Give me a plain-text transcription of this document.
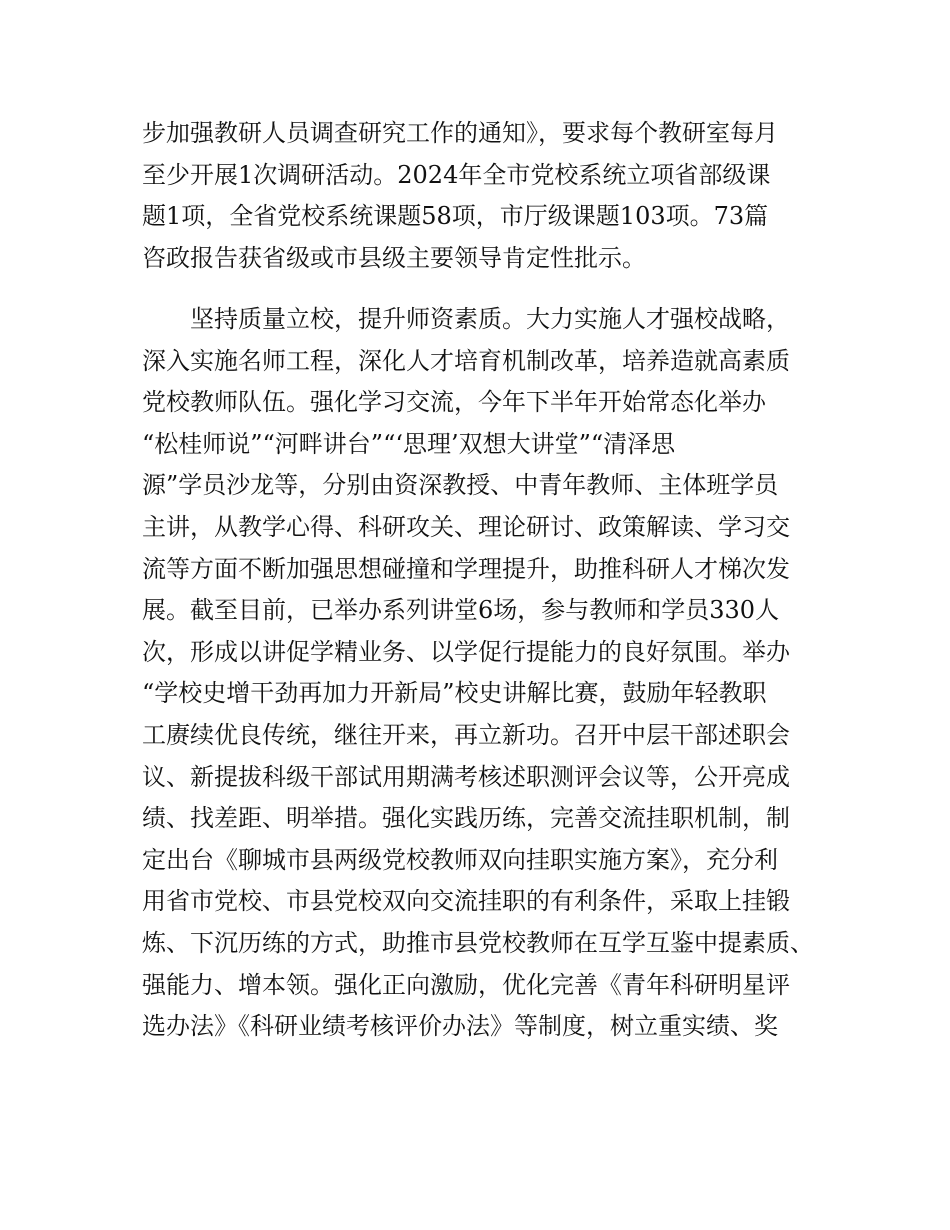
步加强教研人员调查研究工作的通知》，要求每个教研室每月
至少开展1次调研活动。2024年全市党校系统立项省部级课
题1项，全省党校系统课题58项，市厅级课题103项。73篇
咨政报告获省级或市县级主要领导肯定性批示。
　　坚持质量立校，提升师资素质。大力实施人才强校战略，
深入实施名师工程，深化人才培育机制改革，培养造就高素质
党校教师队伍。强化学习交流，今年下半年开始常态化举办
“松桂师说”“河畔讲台”“‘思理’双想大讲堂”“清泽思
源”学员沙龙等，分别由资深教授、中青年教师、主体班学员
主讲，从教学心得、科研攻关、理论研讨、政策解读、学习交
流等方面不断加强思想碰撞和学理提升，助推科研人才梯次发
展。截至目前，已举办系列讲堂6场，参与教师和学员330人
次，形成以讲促学精业务、以学促行提能力的良好氛围。举办
“学校史增干劲再加力开新局”校史讲解比赛，鼓励年轻教职
工赓续优良传统，继往开来，再立新功。召开中层干部述职会
议、新提拔科级干部试用期满考核述职测评会议等，公开亮成
绩、找差距、明举措。强化实践历练，完善交流挂职机制，制
定出台《聊城市县两级党校教师双向挂职实施方案》，充分利
用省市党校、市县党校双向交流挂职的有利条件，采取上挂锻
炼、下沉历练的方式，助推市县党校教师在互学互鉴中提素质、
强能力、增本领。强化正向激励，优化完善《青年科研明星评
选办法》《科研业绩考核评价办法》等制度，树立重实绩、奖
